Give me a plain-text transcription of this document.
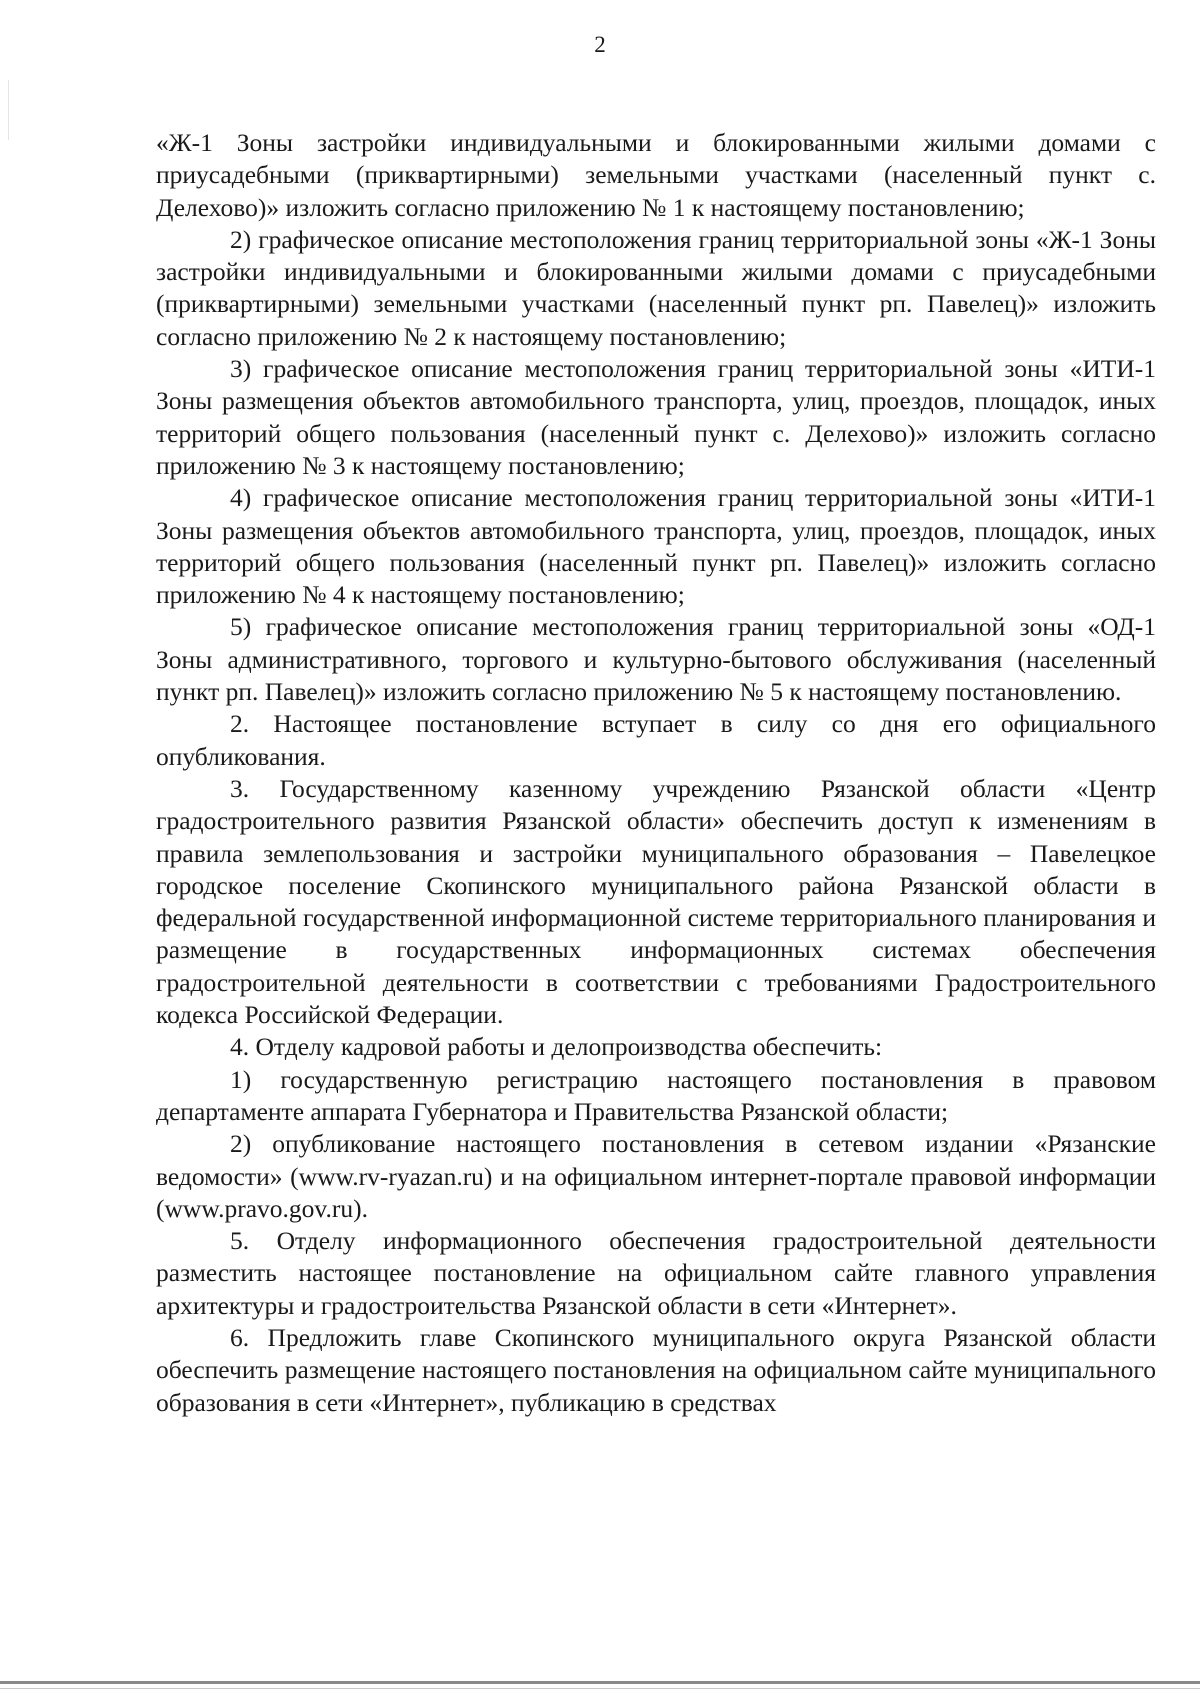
2

«Ж-1 Зоны застройки индивидуальными и блокированными жилыми домами с приусадебными (приквартирными) земельными участками (населенный пункт с. Делехово)» изложить согласно приложению № 1 к настоящему постановлению;

2) графическое описание местоположения границ территориальной зоны «Ж-1 Зоны застройки индивидуальными и блокированными жилыми домами с приусадебными (приквартирными) земельными участками (населенный пункт рп. Павелец)» изложить согласно приложению № 2 к настоящему постановлению;

3) графическое описание местоположения границ территориальной зоны «ИТИ-1 Зоны размещения объектов автомобильного транспорта, улиц, проездов, площадок, иных территорий общего пользования (населенный пункт с. Делехово)» изложить согласно приложению № 3 к настоящему постановлению;

4) графическое описание местоположения границ территориальной зоны «ИТИ-1 Зоны размещения объектов автомобильного транспорта, улиц, проездов, площадок, иных территорий общего пользования (населенный пункт рп. Павелец)» изложить согласно приложению № 4 к настоящему постановлению;

5) графическое описание местоположения границ территориальной зоны «ОД-1 Зоны административного, торгового и культурно-бытового обслуживания (населенный пункт рп. Павелец)» изложить согласно приложению № 5 к настоящему постановлению.

2. Настоящее постановление вступает в силу со дня его официального опубликования.

3. Государственному казенному учреждению Рязанской области «Центр градостроительного развития Рязанской области» обеспечить доступ к изменениям в правила землепользования и застройки муниципального образования – Павелецкое городское поселение Скопинского муниципального района Рязанской области в федеральной государственной информационной системе территориального планирования и размещение в государственных информационных системах обеспечения градостроительной деятельности в соответствии с требованиями Градостроительного кодекса Российской Федерации.

4. Отделу кадровой работы и делопроизводства обеспечить:

1) государственную регистрацию настоящего постановления в правовом департаменте аппарата Губернатора и Правительства Рязанской области;

2) опубликование настоящего постановления в сетевом издании «Рязанские ведомости» (www.rv-ryazan.ru) и на официальном интернет-портале правовой информации (www.pravo.gov.ru).

5. Отделу информационного обеспечения градостроительной деятельности разместить настоящее постановление на официальном сайте главного управления архитектуры и градостроительства Рязанской области в сети «Интернет».

6. Предложить главе Скопинского муниципального округа Рязанской области обеспечить размещение настоящего постановления на официальном сайте муниципального образования в сети «Интернет», публикацию в средствах
